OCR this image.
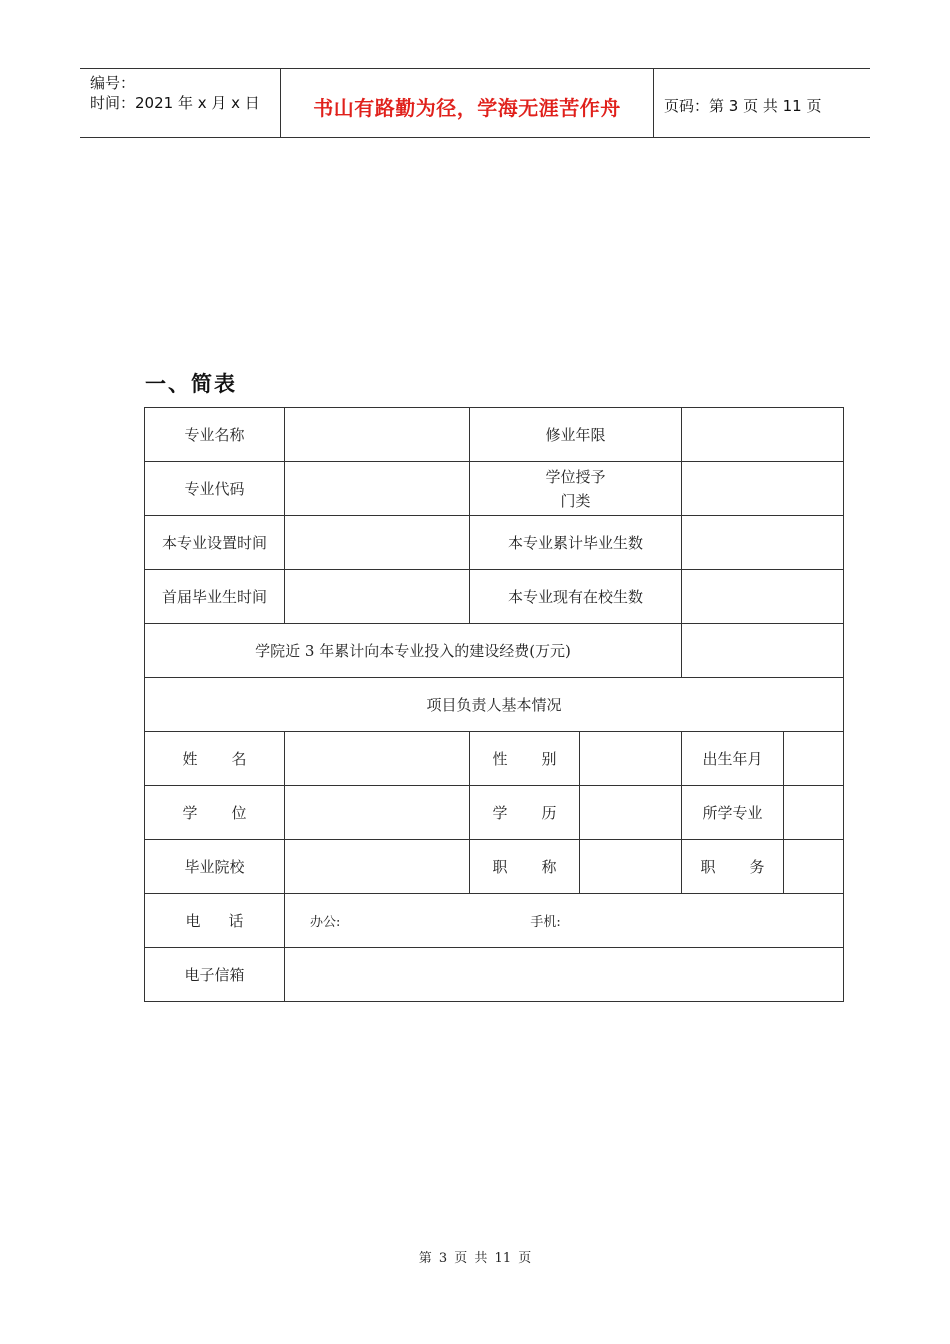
编号：
时间：2021 年 x 月 x 日	书山有路勤为径，学海无涯苦作舟	页码：第 3 页 共 11 页
一、简表
专业名称		修业年限			
专业代码		学位授予
门类			

本专业设置时间		本专业累计毕业生数			
首届毕业生时间		本专业现有在校生数			
学院近 3 年累计向本专业投入的建设经费(万元)					
项目负责人基本情况					

姓 名		性 别		出生年月	

学 位		学 历		所学专业	
毕业院校		职 称		职 务	

电 话	办公: 手机:				

电子信箱					
第 3 页 共 11 页
